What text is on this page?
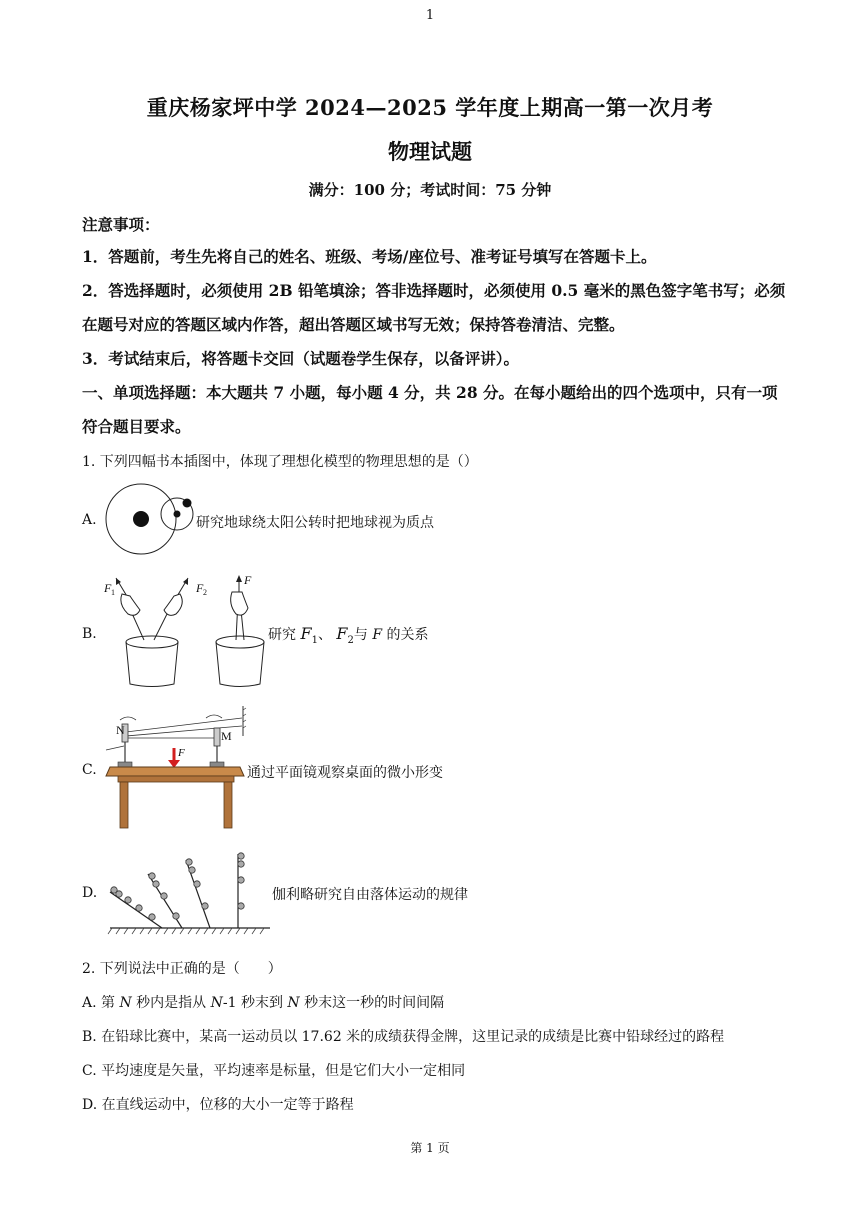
1
重庆杨家坪中学 2024—2025 学年度上期高一第一次月考
物理试题
满分：100 分；考试时间：75 分钟
注意事项：
1．答题前，考生先将自己的姓名、班级、考场/座位号、准考证号填写在答题卡上。
2．答选择题时，必须使用 2B 铅笔填涂；答非选择题时，必须使用 0.5 毫米的黑色签字笔书写；必须在题号对应的答题区域内作答，超出答题区域书写无效；保持答卷清洁、完整。
3．考试结束后，将答题卡交回（试题卷学生保存，以备评讲）。
一、单项选择题：本大题共 7 小题，每小题 4 分，共 28 分。在每小题给出的四个选项中，只有一项符合题目要求。
1. 下列四幅书本插图中，体现了理想化模型的物理思想的是（）
A.	研究地球绕太阳公转时把地球视为质点
B.
F 1	F 2
F
研究 $F_1$、 $F_2$与 F 的关系
C.
N	M
F
通过平面镜观察桌面的微小形变
D.	伽利略研究自由落体运动的规律
2. 下列说法中正确的是（　　）
A. 第 N 秒内是指从 N-1 秒末到 N 秒末这一秒的时间间隔
B. 在铅球比赛中，某高一运动员以 17.62 米的成绩获得金牌，这里记录的成绩是比赛中铅球经过的路程
C. 平均速度是矢量，平均速率是标量，但是它们大小一定相同
D. 在直线运动中，位移的大小一定等于路程
第 1 页
